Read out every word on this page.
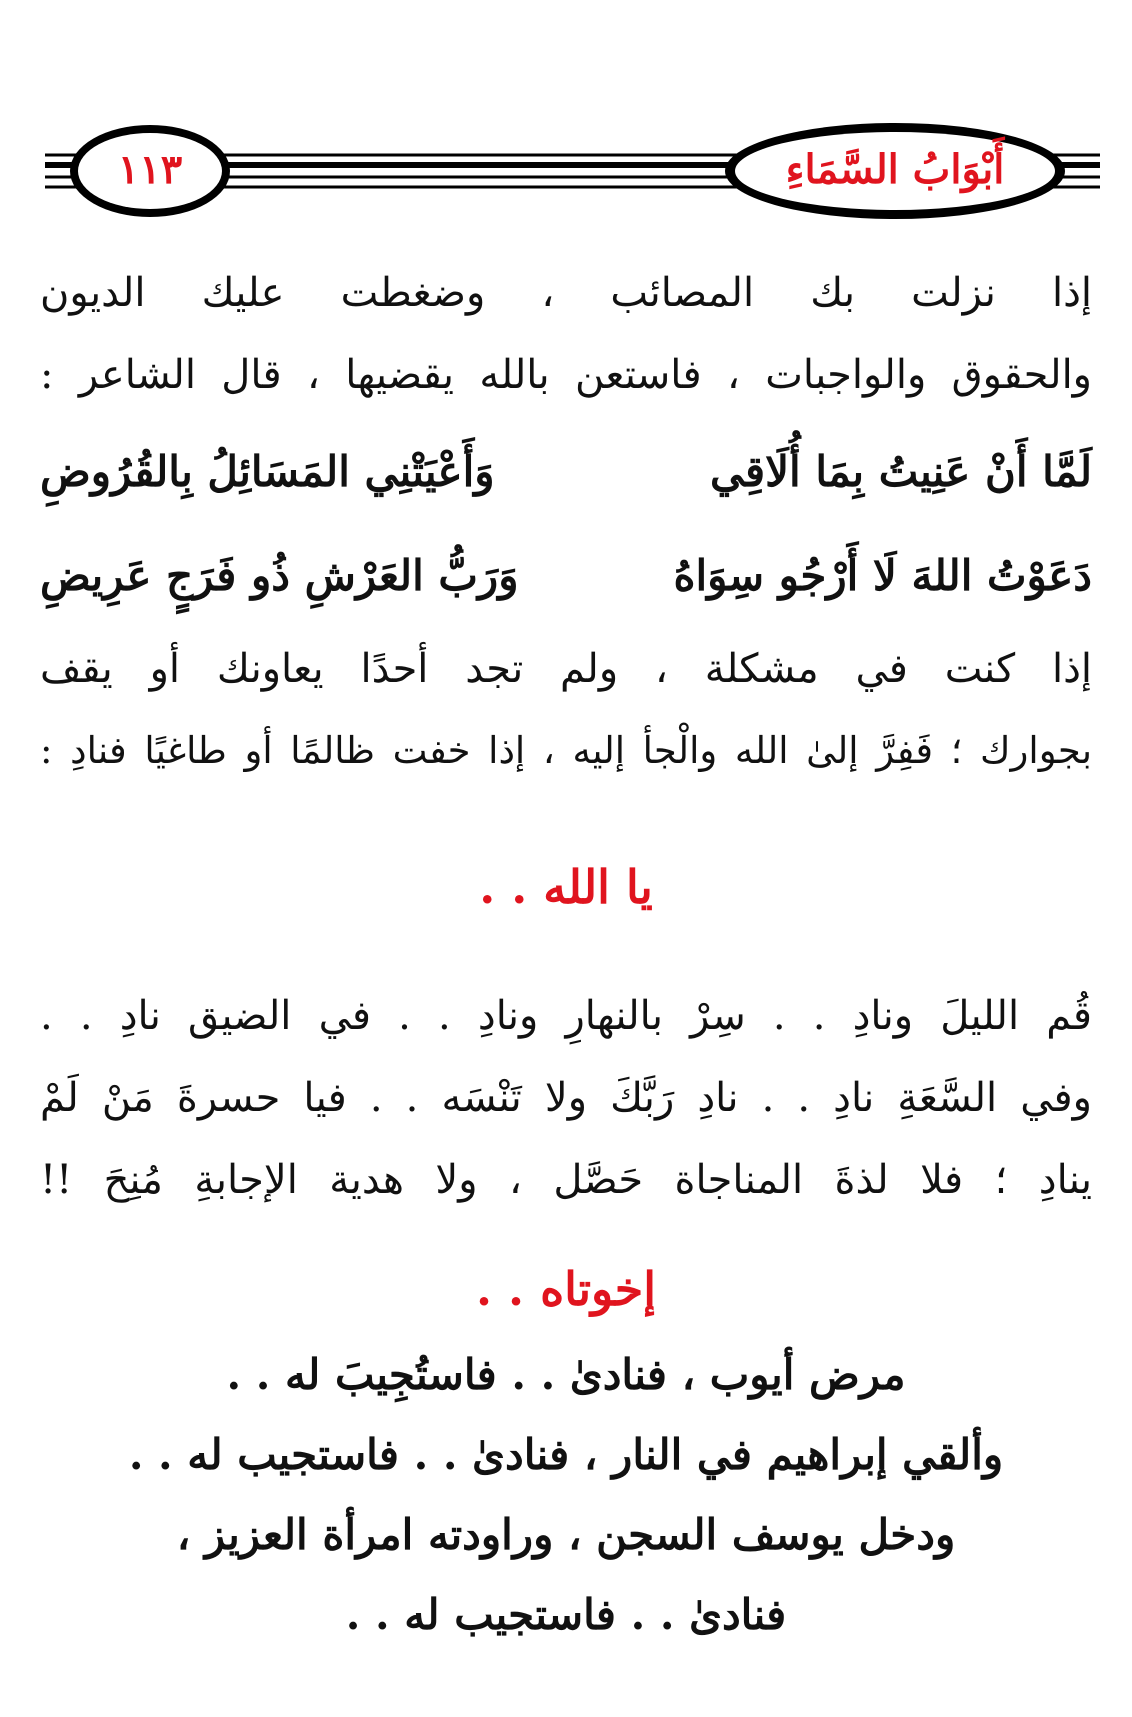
١١٣	أَبْوَابُ السَّمَاءِ
إذا نزلت بك المصائب ، وضغطت عليك الديون
والحقوق والواجبات ، فاستعن بالله يقضيها ، قال الشاعر :
لَمَّا أَنْ عَنِيتُ بِمَا أُلَاقِي
وَأَعْيَتْنِي المَسَائِلُ بِالقُرُوضِ
دَعَوْتُ اللهَ لَا أَرْجُو سِوَاهُ
وَرَبُّ العَرْشِ ذُو فَرَجٍ عَرِيضِ
إذا كنت في مشكلة ، ولم تجد أحدًا يعاونك أو يقف
بجوارك ؛ فَفِرَّ إلىٰ الله والْجأ إليه ، إذا خفت ظالمًا أو طاغيًا فنادِ :
يا الله . .
قُم الليلَ ونادِ . . سِرْ بالنهارِ ونادِ . . في الضيق نادِ . .
وفي السَّعَةِ نادِ . . نادِ رَبَّكَ ولا تَنْسَه . . فيا حسرةَ مَنْ لَمْ
ينادِ ؛ فلا لذةَ المناجاة حَصَّل ، ولا هدية الإجابةِ مُنِحَ !!
إخوتاه . .
مرض أيوب ، فنادىٰ . . فاستُجِيبَ له . .
وألقي إبراهيم في النار ، فنادىٰ . . فاستجيب له . .
ودخل يوسف السجن ، وراودته امرأة العزيز ،
فنادىٰ . . فاستجيب له . .
